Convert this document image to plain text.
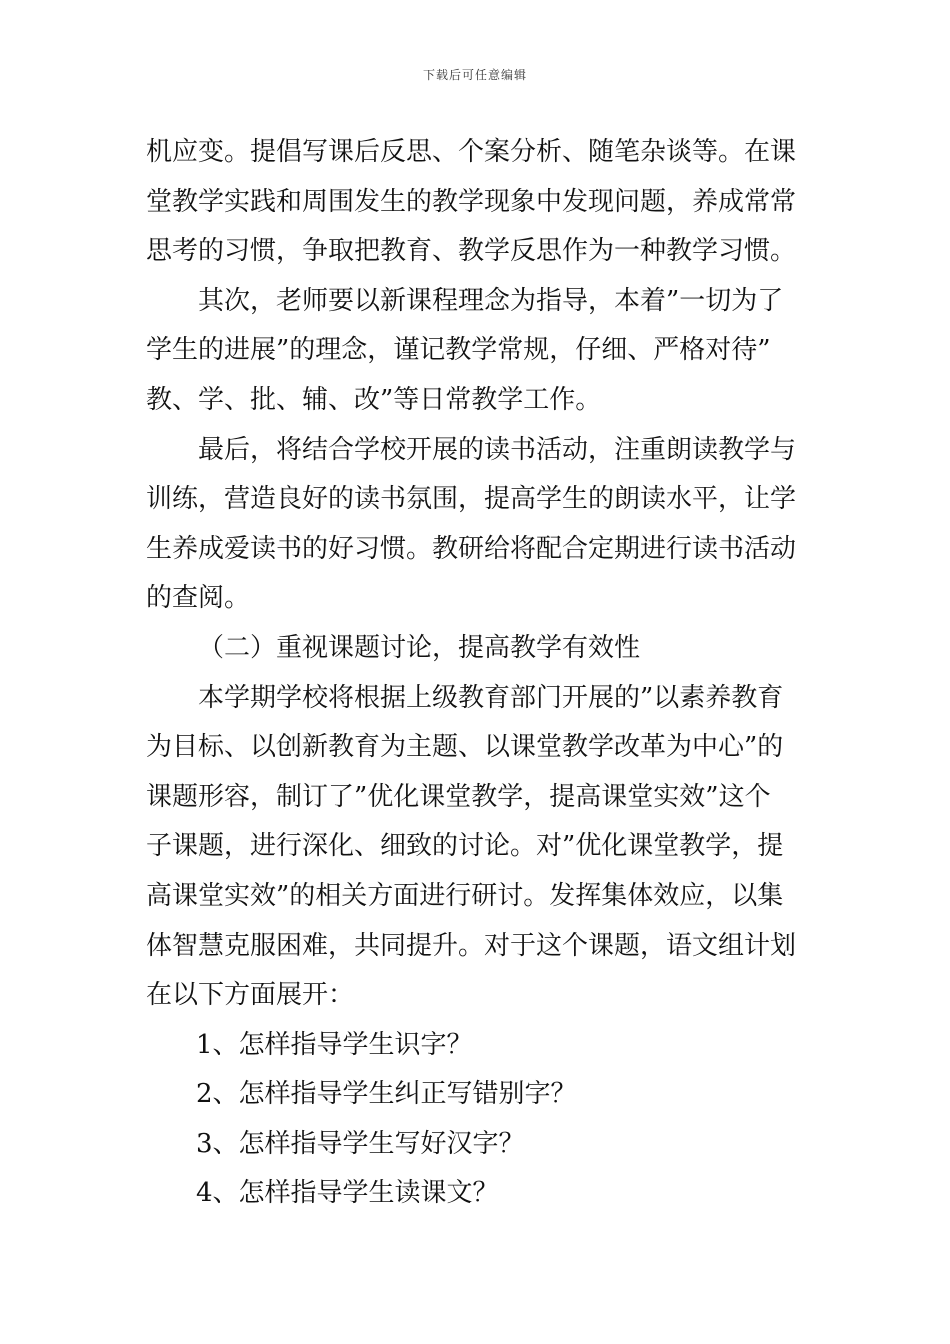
下载后可任意编辑
机应变。提倡写课后反思、个案分析、随笔杂谈等。在课
堂教学实践和周围发生的教学现象中发现问题，养成常常
思考的习惯，争取把教育、教学反思作为一种教学习惯。
其次，老师要以新课程理念为指导，本着”一切为了
学生的进展”的理念，谨记教学常规，仔细、严格对待”
教、学、批、辅、改”等日常教学工作。
最后，将结合学校开展的读书活动，注重朗读教学与
训练，营造良好的读书氛围，提高学生的朗读水平，让学
生养成爱读书的好习惯。教研给将配合定期进行读书活动
的查阅。
（二）重视课题讨论，提高教学有效性
本学期学校将根据上级教育部门开展的”以素养教育
为目标、以创新教育为主题、以课堂教学改革为中心”的
课题形容，制订了”优化课堂教学，提高课堂实效”这个
子课题，进行深化、细致的讨论。对”优化课堂教学，提
高课堂实效”的相关方面进行研讨。发挥集体效应，以集
体智慧克服困难，共同提升。对于这个课题，语文组计划
在以下方面展开：
1、怎样指导学生识字？
2、怎样指导学生纠正写错别字？
3、怎样指导学生写好汉字？
4、怎样指导学生读课文？
